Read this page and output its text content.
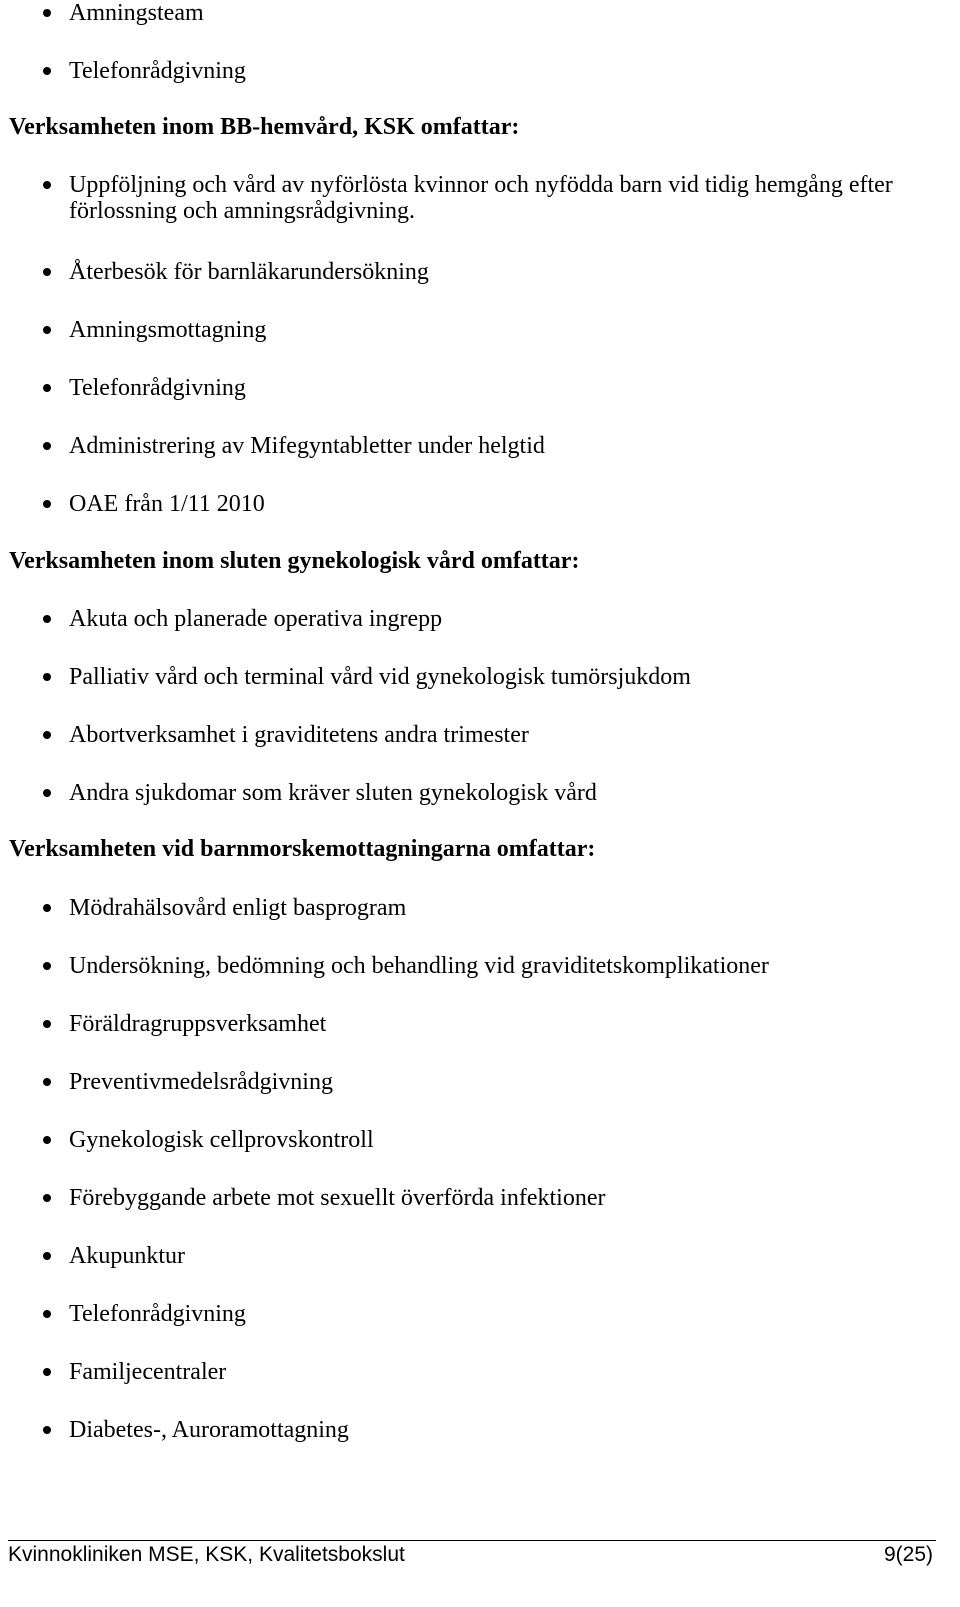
Amningsteam
Telefonrådgivning
Verksamheten inom BB-hemvård, KSK omfattar:
Uppföljning och vård av nyförlösta kvinnor och nyfödda barn vid tidig hemgång efter förlossning och amningsrådgivning.
Återbesök för barnläkarundersökning
Amningsmottagning
Telefonrådgivning
Administrering av Mifegyntabletter under helgtid
OAE från 1/11 2010
Verksamheten inom sluten gynekologisk vård omfattar:
Akuta och planerade operativa ingrepp
Palliativ vård och terminal vård vid gynekologisk tumörsjukdom
Abortverksamhet i graviditetens andra trimester
Andra sjukdomar som kräver sluten gynekologisk vård
Verksamheten vid barnmorskemottagningarna omfattar:
Mödrahälsovård enligt basprogram
Undersökning, bedömning och behandling vid graviditetskomplikationer
Föräldragruppsverksamhet
Preventivmedelsrådgivning
Gynekologisk cellprovskontroll
Förebyggande arbete mot sexuellt överförda infektioner
Akupunktur
Telefonrådgivning
Familjecentraler
Diabetes-, Auroramottagning
Kvinnokliniken MSE, KSK, Kvalitetsbokslut	9(25)
